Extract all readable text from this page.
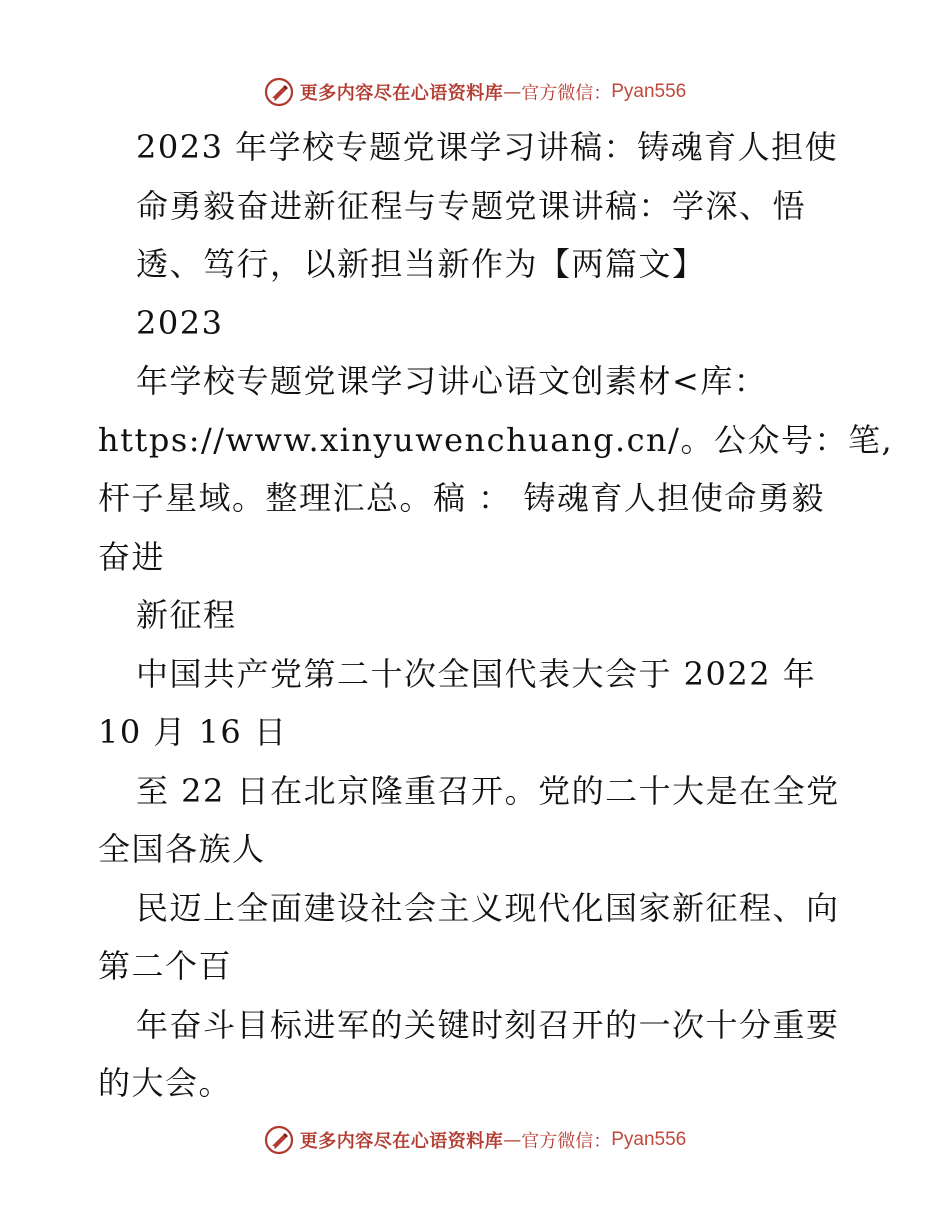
更多内容尽在心语资料库 — 官方微信： Pyan556
2023 年学校专题党课学习讲稿：铸魂育人担使
命勇毅奋进新征程与专题党课讲稿：学深、悟
透、笃行，以新担当新作为【两篇文】
2023
年学校专题党课学习讲心语文创素材<库：
https://www.xinyuwenchuang.cn/。公众号：笔,
杆子星域。整理汇总。稿 ： 铸魂育人担使命勇毅
奋进
新征程
中国共产党第二十次全国代表大会于 2022 年
10 月 16 日
至 22 日在北京隆重召开。党的二十大是在全党
全国各族人
民迈上全面建设社会主义现代化国家新征程、向
第二个百
年奋斗目标进军的关键时刻召开的一次十分重要
的大会。
更多内容尽在心语资料库 — 官方微信： Pyan556
